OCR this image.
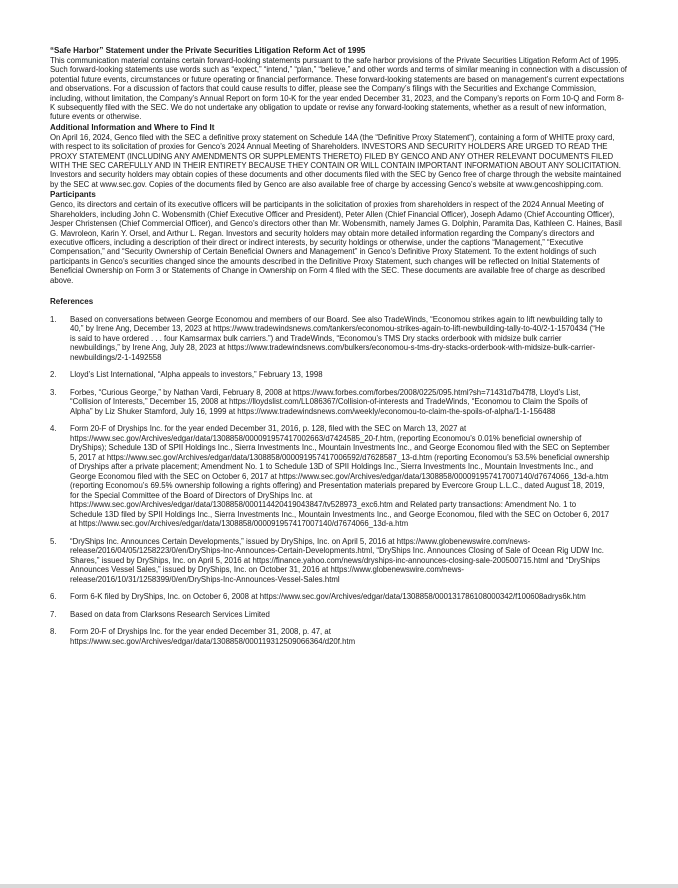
“Safe Harbor” Statement under the Private Securities Litigation Reform Act of 1995

This communication material contains certain forward-looking statements pursuant to the safe harbor provisions of the Private Securities Litigation Reform Act of 1995. Such forward-looking statements use words such as “expect,” “intend,” “plan,” “believe,” and other words and terms of similar meaning in connection with a discussion of potential future events, circumstances or future operating or financial performance. These forward-looking statements are based on management’s current expectations and observations. For a discussion of factors that could cause results to differ, please see the Company’s filings with the Securities and Exchange Commission, including, without limitation, the Company’s Annual Report on form 10-K for the year ended December 31, 2023, and the Company’s reports on Form 10-Q and Form 8-K subsequently filed with the SEC. We do not undertake any obligation to update or revise any forward-looking statements, whether as a result of new information, future events or otherwise.

Additional Information and Where to Find It

On April 16, 2024, Genco filed with the SEC a definitive proxy statement on Schedule 14A (the “Definitive Proxy Statement”), containing a form of WHITE proxy card, with respect to its solicitation of proxies for Genco’s 2024 Annual Meeting of Shareholders. INVESTORS AND SECURITY HOLDERS ARE URGED TO READ THE PROXY STATEMENT (INCLUDING ANY AMENDMENTS OR SUPPLEMENTS THERETO) FILED BY GENCO AND ANY OTHER RELEVANT DOCUMENTS FILED WITH THE SEC CAREFULLY AND IN THEIR ENTIRETY BECAUSE THEY CONTAIN OR WILL CONTAIN IMPORTANT INFORMATION ABOUT ANY SOLICITATION. Investors and security holders may obtain copies of these documents and other documents filed with the SEC by Genco free of charge through the website maintained by the SEC at www.sec.gov. Copies of the documents filed by Genco are also available free of charge by accessing Genco’s website at www.gencoshipping.com.

Participants

Genco, its directors and certain of its executive officers will be participants in the solicitation of proxies from shareholders in respect of the 2024 Annual Meeting of Shareholders, including John C. Wobensmith (Chief Executive Officer and President), Peter Allen (Chief Financial Officer), Joseph Adamo (Chief Accounting Officer), Jesper Christensen (Chief Commercial Officer), and Genco’s directors other than Mr. Wobensmith, namely James G. Dolphin, Paramita Das, Kathleen C. Haines, Basil G. Mavroleon, Karin Y. Orsel, and Arthur L. Regan. Investors and security holders may obtain more detailed information regarding the Company’s directors and executive officers, including a description of their direct or indirect interests, by security holdings or otherwise, under the captions “Management,” “Executive Compensation,” and “Security Ownership of Certain Beneficial Owners and Management” in Genco’s Definitive Proxy Statement. To the extent holdings of such participants in Genco’s securities changed since the amounts described in the Definitive Proxy Statement, such changes will be reflected on Initial Statements of Beneficial Ownership on Form 3 or Statements of Change in Ownership on Form 4 filed with the SEC. These documents are available free of charge as described above.

References

1.	Based on conversations between George Economou and members of our Board. See also TradeWinds, “Economou strikes again to lift newbuilding tally to 40,” by Irene Ang, December 13, 2023 at https://www.tradewindsnews.com/tankers/economou-strikes-again-to-lift-newbuilding-tally-to-40/2-1-1570434 (“He is said to have ordered . . . four Kamsarmax bulk carriers.”) and TradeWinds, “Economou’s TMS Dry stacks orderbook with midsize bulk carrier newbuildings,” by Irene Ang, July 28, 2023 at https://www.tradewindsnews.com/bulkers/economou-s-tms-dry-stacks-orderbook-with-midsize-bulk-carrier-newbuildings/2-1-1492558
2.	Lloyd’s List International, “Alpha appeals to investors,” February 13, 1998
3.	Forbes, “Curious George,” by Nathan Vardi, February 8, 2008 at https://www.forbes.com/forbes/2008/0225/095.html?sh=71431d7b47f8, Lloyd’s List, “Collision of Interests,” December 15, 2008 at https://lloydslist.com/LL086367/Collision-of-interests and TradeWinds, “Economou to Claim the Spoils of Alpha” by Liz Shuker Stamford, July 16, 1999 at https://www.tradewindsnews.com/weekly/economou-to-claim-the-spoils-of-alpha/1-1-156488
4.	Form 20-F of Dryships Inc. for the year ended December 31, 2016, p. 128, filed with the SEC on March 13, 2027 at https://www.sec.gov/Archives/edgar/data/1308858/000091957417002663/d7424585_20-f.htm, (reporting Economou’s 0.01% beneficial ownership of DryShips); Schedule 13D of SPII Holdings Inc., Sierra Investments Inc., Mountain Investments Inc., and George Economou filed with the SEC on September 5, 2017 at https://www.sec.gov/Archives/edgar/data/1308858/000091957417006592/d7628587_13-d.htm (reporting Economou’s 53.5% beneficial ownership of Dryships after a private placement; Amendment No. 1 to Schedule 13D of SPII Holdings Inc., Sierra Investments Inc., Mountain Investments Inc., and George Economou filed with the SEC on October 6, 2017 at https://www.sec.gov/Archives/edgar/data/1308858/000091957417007140/d7674066_13d-a.htm (reporting Economou’s 69.5% ownership following a rights offering) and Presentation materials prepared by Evercore Group L.L.C., dated August 18, 2019, for the Special Committee of the Board of Directors of DryShips Inc. at https://www.sec.gov/Archives/edgar/data/1308858/000114420419043847/tv528973_exc6.htm and Related party transactions: Amendment No. 1 to Schedule 13D filed by SPII Holdings Inc., Sierra Investments Inc., Mountain Investments Inc., and George Economou, filed with the SEC on October 6, 2017 at https://www.sec.gov/Archives/edgar/data/1308858/000091957417007140/d7674066_13d-a.htm
5.	“DryShips Inc. Announces Certain Developments,” issued by DryShips, Inc. on April 5, 2016 at https://www.globenewswire.com/news-release/2016/04/05/1258223/0/en/DryShips-Inc-Announces-Certain-Developments.html, “DryShips Inc. Announces Closing of Sale of Ocean Rig UDW Inc. Shares,” issued by DryShips, Inc. on April 5, 2016 at https://finance.yahoo.com/news/dryships-inc-announces-closing-sale-200500715.html and “DryShips Announces Vessel Sales,” issued by DryShips, Inc. on October 31, 2016 at https://www.globenewswire.com/news-release/2016/10/31/1258399/0/en/DryShips-Inc-Announces-Vessel-Sales.html
6.	Form 6-K filed by DryShips, Inc. on October 6, 2008 at https://www.sec.gov/Archives/edgar/data/1308858/000131786108000342/f100608adrys6k.htm
7.	Based on data from Clarksons Research Services Limited
8.	Form 20-F of Dryships Inc. for the year ended December 31, 2008, p. 47, at https://www.sec.gov/Archives/edgar/data/1308858/000119312509066364/d20f.htm
